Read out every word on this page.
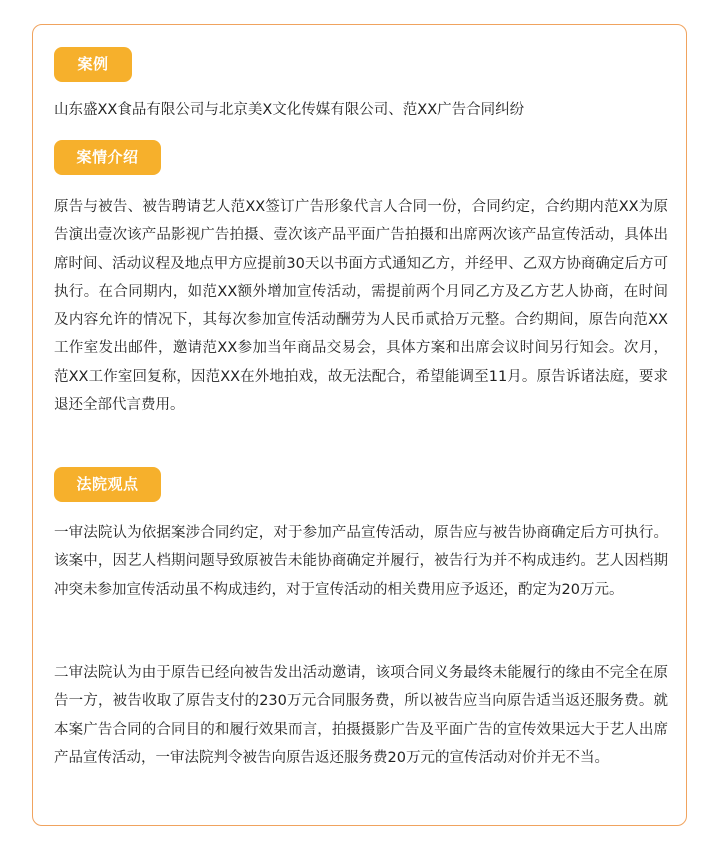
案例

山东盛XX食品有限公司与北京美X文化传媒有限公司、范XX广告合同纠纷

案情介绍

原告与被告、被告聘请艺人范XX签订广告形象代言人合同一份，合同约定，合约期内范XX为原告演出壹次该产品影视广告拍摄、壹次该产品平面广告拍摄和出席两次该产品宣传活动，具体出席时间、活动议程及地点甲方应提前30天以书面方式通知乙方，并经甲、乙双方协商确定后方可执行。在合同期内，如范XX额外增加宣传活动，需提前两个月同乙方及乙方艺人协商，在时间及内容允许的情况下，其每次参加宣传活动酬劳为人民币贰拾万元整。合约期间，原告向范XX工作室发出邮件，邀请范XX参加当年商品交易会，具体方案和出席会议时间另行知会。次月，范XX工作室回复称，因范XX在外地拍戏，故无法配合，希望能调至11月。原告诉诸法庭，要求退还全部代言费用。

法院观点

一审法院认为依据案涉合同约定，对于参加产品宣传活动，原告应与被告协商确定后方可执行。该案中，因艺人档期问题导致原被告未能协商确定并履行，被告行为并不构成违约。艺人因档期冲突未参加宣传活动虽不构成违约，对于宣传活动的相关费用应予返还，酌定为20万元。

二审法院认为由于原告已经向被告发出活动邀请，该项合同义务最终未能履行的缘由不完全在原告一方，被告收取了原告支付的230万元合同服务费，所以被告应当向原告适当返还服务费。就本案广告合同的合同目的和履行效果而言，拍摄摄影广告及平面广告的宣传效果远大于艺人出席产品宣传活动，一审法院判令被告向原告返还服务费20万元的宣传活动对价并无不当。
